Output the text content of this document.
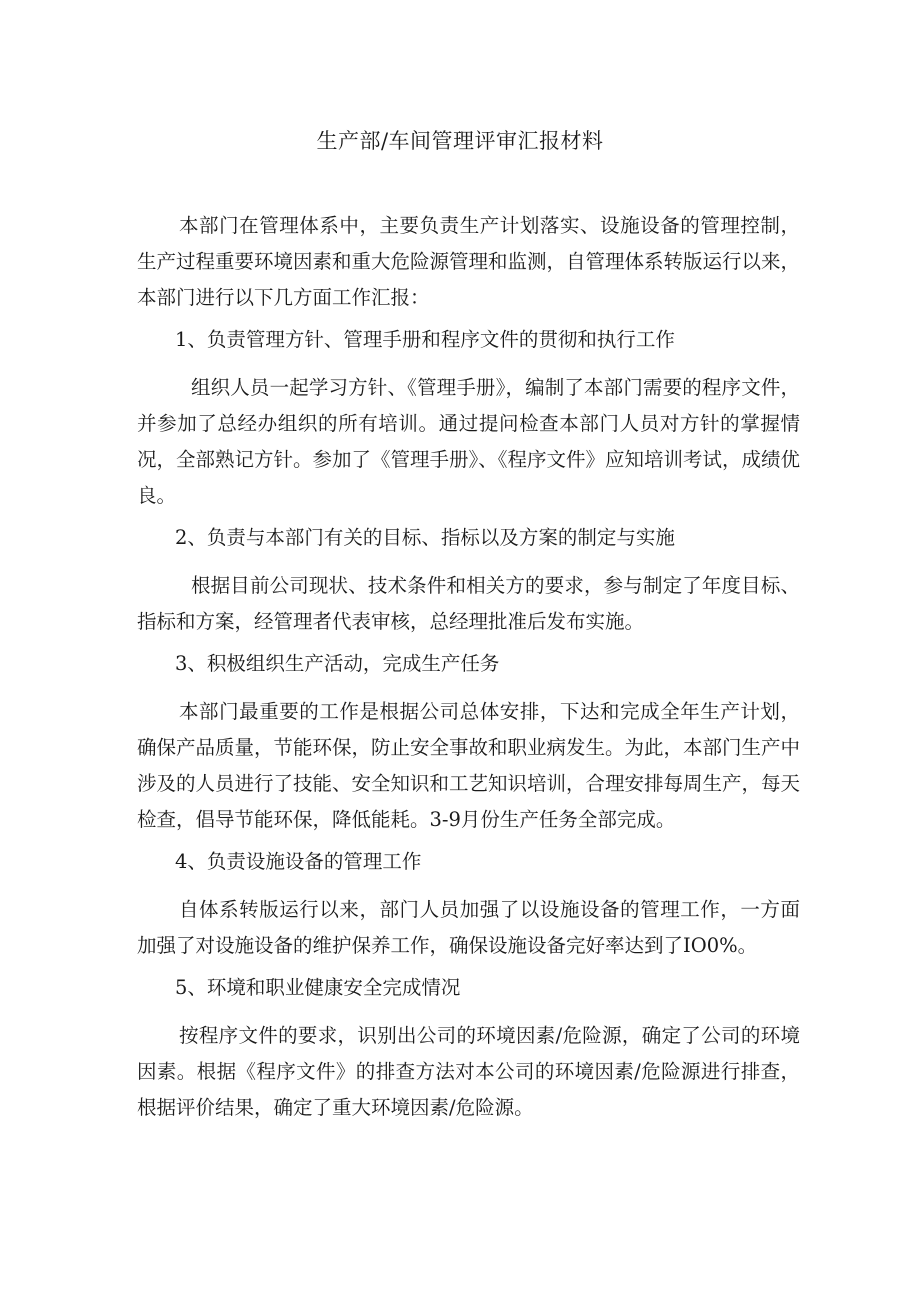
生产部/车间管理评审汇报材料

本部门在管理体系中，主要负责生产计划落实、设施设备的管理控制，生产过程重要环境因素和重大危险源管理和监测，自管理体系转版运行以来，本部门进行以下几方面工作汇报：

1、负责管理方针、管理手册和程序文件的贯彻和执行工作

组织人员一起学习方针、《管理手册》，编制了本部门需要的程序文件，并参加了总经办组织的所有培训。通过提问检查本部门人员对方针的掌握情况，全部熟记方针。参加了《管理手册》、《程序文件》应知培训考试，成绩优良。

2、负责与本部门有关的目标、指标以及方案的制定与实施

根据目前公司现状、技术条件和相关方的要求，参与制定了年度目标、指标和方案，经管理者代表审核，总经理批准后发布实施。

3、积极组织生产活动，完成生产任务

本部门最重要的工作是根据公司总体安排，下达和完成全年生产计划，确保产品质量，节能环保，防止安全事故和职业病发生。为此，本部门生产中涉及的人员进行了技能、安全知识和工艺知识培训，合理安排每周生产，每天检查，倡导节能环保，降低能耗。3-9月份生产任务全部完成。

4、负责设施设备的管理工作

自体系转版运行以来，部门人员加强了以设施设备的管理工作，一方面加强了对设施设备的维护保养工作，确保设施设备完好率达到了IO0%。

5、环境和职业健康安全完成情况

按程序文件的要求，识别出公司的环境因素/危险源，确定了公司的环境因素。根据《程序文件》的排查方法对本公司的环境因素/危险源进行排查，根据评价结果，确定了重大环境因素/危险源。
